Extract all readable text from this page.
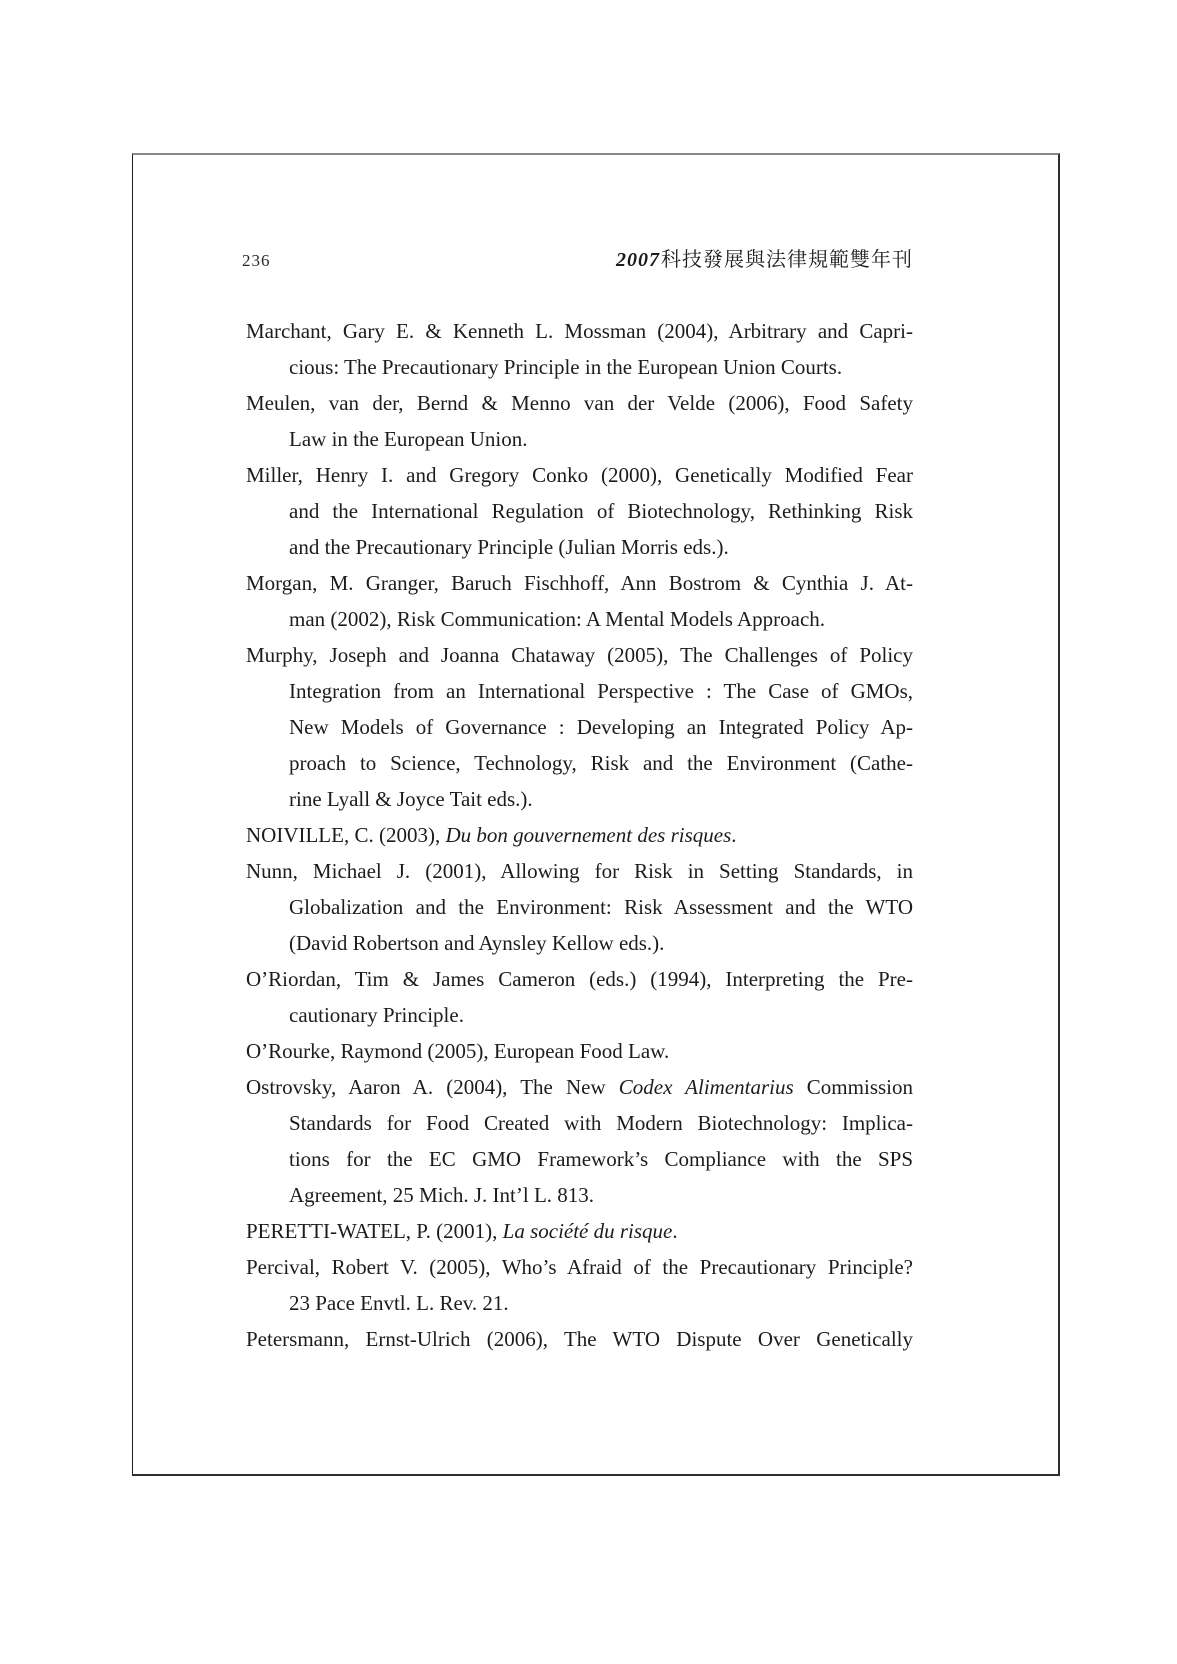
236	2007科技發展與法律規範雙年刊
Marchant, Gary E. & Kenneth L. Mossman (2004), Arbitrary and Capri-
cious: The Precautionary Principle in the European Union Courts.
Meulen, van der, Bernd & Menno van der Velde (2006), Food Safety
Law in the European Union.
Miller, Henry I. and Gregory Conko (2000), Genetically Modified Fear
and the International Regulation of Biotechnology, Rethinking Risk
and the Precautionary Principle (Julian Morris eds.).
Morgan, M. Granger, Baruch Fischhoff, Ann Bostrom & Cynthia J. At-
man (2002), Risk Communication: A Mental Models Approach.
Murphy, Joseph and Joanna Chataway (2005), The Challenges of Policy
Integration from an International Perspective : The Case of GMOs,
New Models of Governance : Developing an Integrated Policy Ap-
proach to Science, Technology, Risk and the Environment (Cathe-
rine Lyall & Joyce Tait eds.).
NOIVILLE, C. (2003), Du bon gouvernement des risques.
Nunn, Michael J. (2001), Allowing for Risk in Setting Standards, in
Globalization and the Environment: Risk Assessment and the WTO
(David Robertson and Aynsley Kellow eds.).
O’Riordan, Tim & James Cameron (eds.) (1994), Interpreting the Pre-
cautionary Principle.
O’Rourke, Raymond (2005), European Food Law.
Ostrovsky, Aaron A. (2004), The New Codex Alimentarius Commission
Standards for Food Created with Modern Biotechnology: Implica-
tions for the EC GMO Framework’s Compliance with the SPS
Agreement, 25 Mich. J. Int’l L. 813.
PERETTI-WATEL, P. (2001), La société du risque.
Percival, Robert V. (2005), Who’s Afraid of the Precautionary Principle?
23 Pace Envtl. L. Rev. 21.
Petersmann, Ernst-Ulrich (2006), The WTO Dispute Over Genetically
